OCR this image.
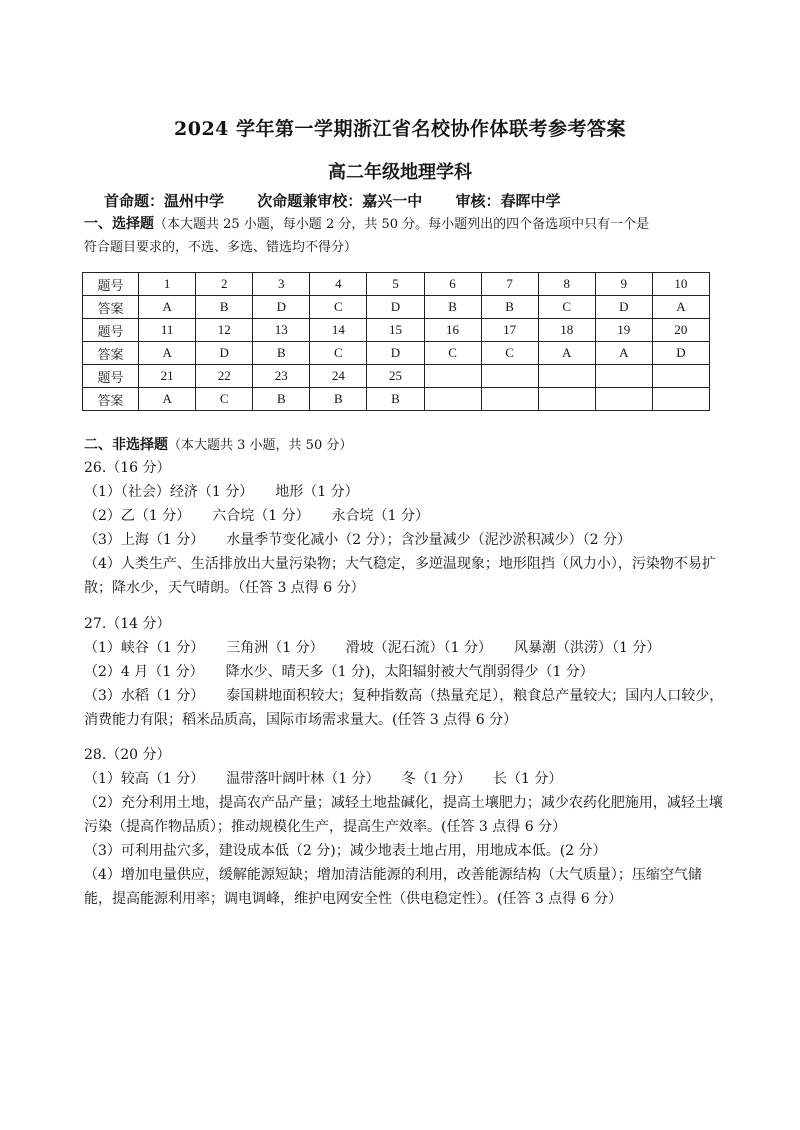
2024 学年第一学期浙江省名校协作体联考参考答案
高二年级地理学科
首命题：温州中学 次命题兼审校：嘉兴一中 审核：春晖中学
一、选择题（本大题共 25 小题，每小题 2 分，共 50 分。每小题列出的四个备选项中只有一个是
符合题目要求的，不选、多选、错选均不得分）
题号	1	2	3	4	5	6	7	8	9	10
答案	A	B	D	C	D	B	B	C	D	A
题号	11	12	13	14	15	16	17	18	19	20
答案	A	D	B	C	D	C	C	A	A	D
题号	21	22	23	24	25					
答案	A	C	B	B	B					
二、非选择题（本大题共 3 小题，共 50 分）
26.（16 分）
（1）（社会）经济（1 分） 地形（1 分）
（2）乙（1 分） 六合垸（1 分） 永合垸（1 分）
（3）上海（1 分） 水量季节变化减小（2 分）；含沙量减少（泥沙淤积减少）（2 分）
（4）人类生产、生活排放出大量污染物；大气稳定，多逆温现象；地形阻挡（风力小），污染物不易扩散；降水少，天气晴朗。（任答 3 点得 6 分）
27.（14 分）
（1）峡谷（1 分） 三角洲（1 分） 滑坡（泥石流）（1 分） 风暴潮（洪涝）（1 分）
（2）4 月（1 分） 降水少、晴天多（1 分)，太阳辐射被大气削弱得少（1 分）
（3）水稻（1 分） 泰国耕地面积较大；复种指数高（热量充足），粮食总产量较大；国内人口较少，消费能力有限；稻米品质高，国际市场需求量大。(任答 3 点得 6 分）
28.（20 分）
（1）较高（1 分） 温带落叶阔叶林（1 分） 冬（1 分） 长（1 分）
（2）充分利用土地，提高农产品产量；减轻土地盐碱化，提高土壤肥力；减少农药化肥施用，减轻土壤污染（提高作物品质）；推动规模化生产，提高生产效率。(任答 3 点得 6 分）
（3）可利用盐穴多，建设成本低（2 分)；减少地表土地占用，用地成本低。(2 分）
（4）增加电量供应，缓解能源短缺；增加清洁能源的利用，改善能源结构（大气质量）；压缩空气储能，提高能源利用率；调电调峰，维护电网安全性（供电稳定性）。(任答 3 点得 6 分）
